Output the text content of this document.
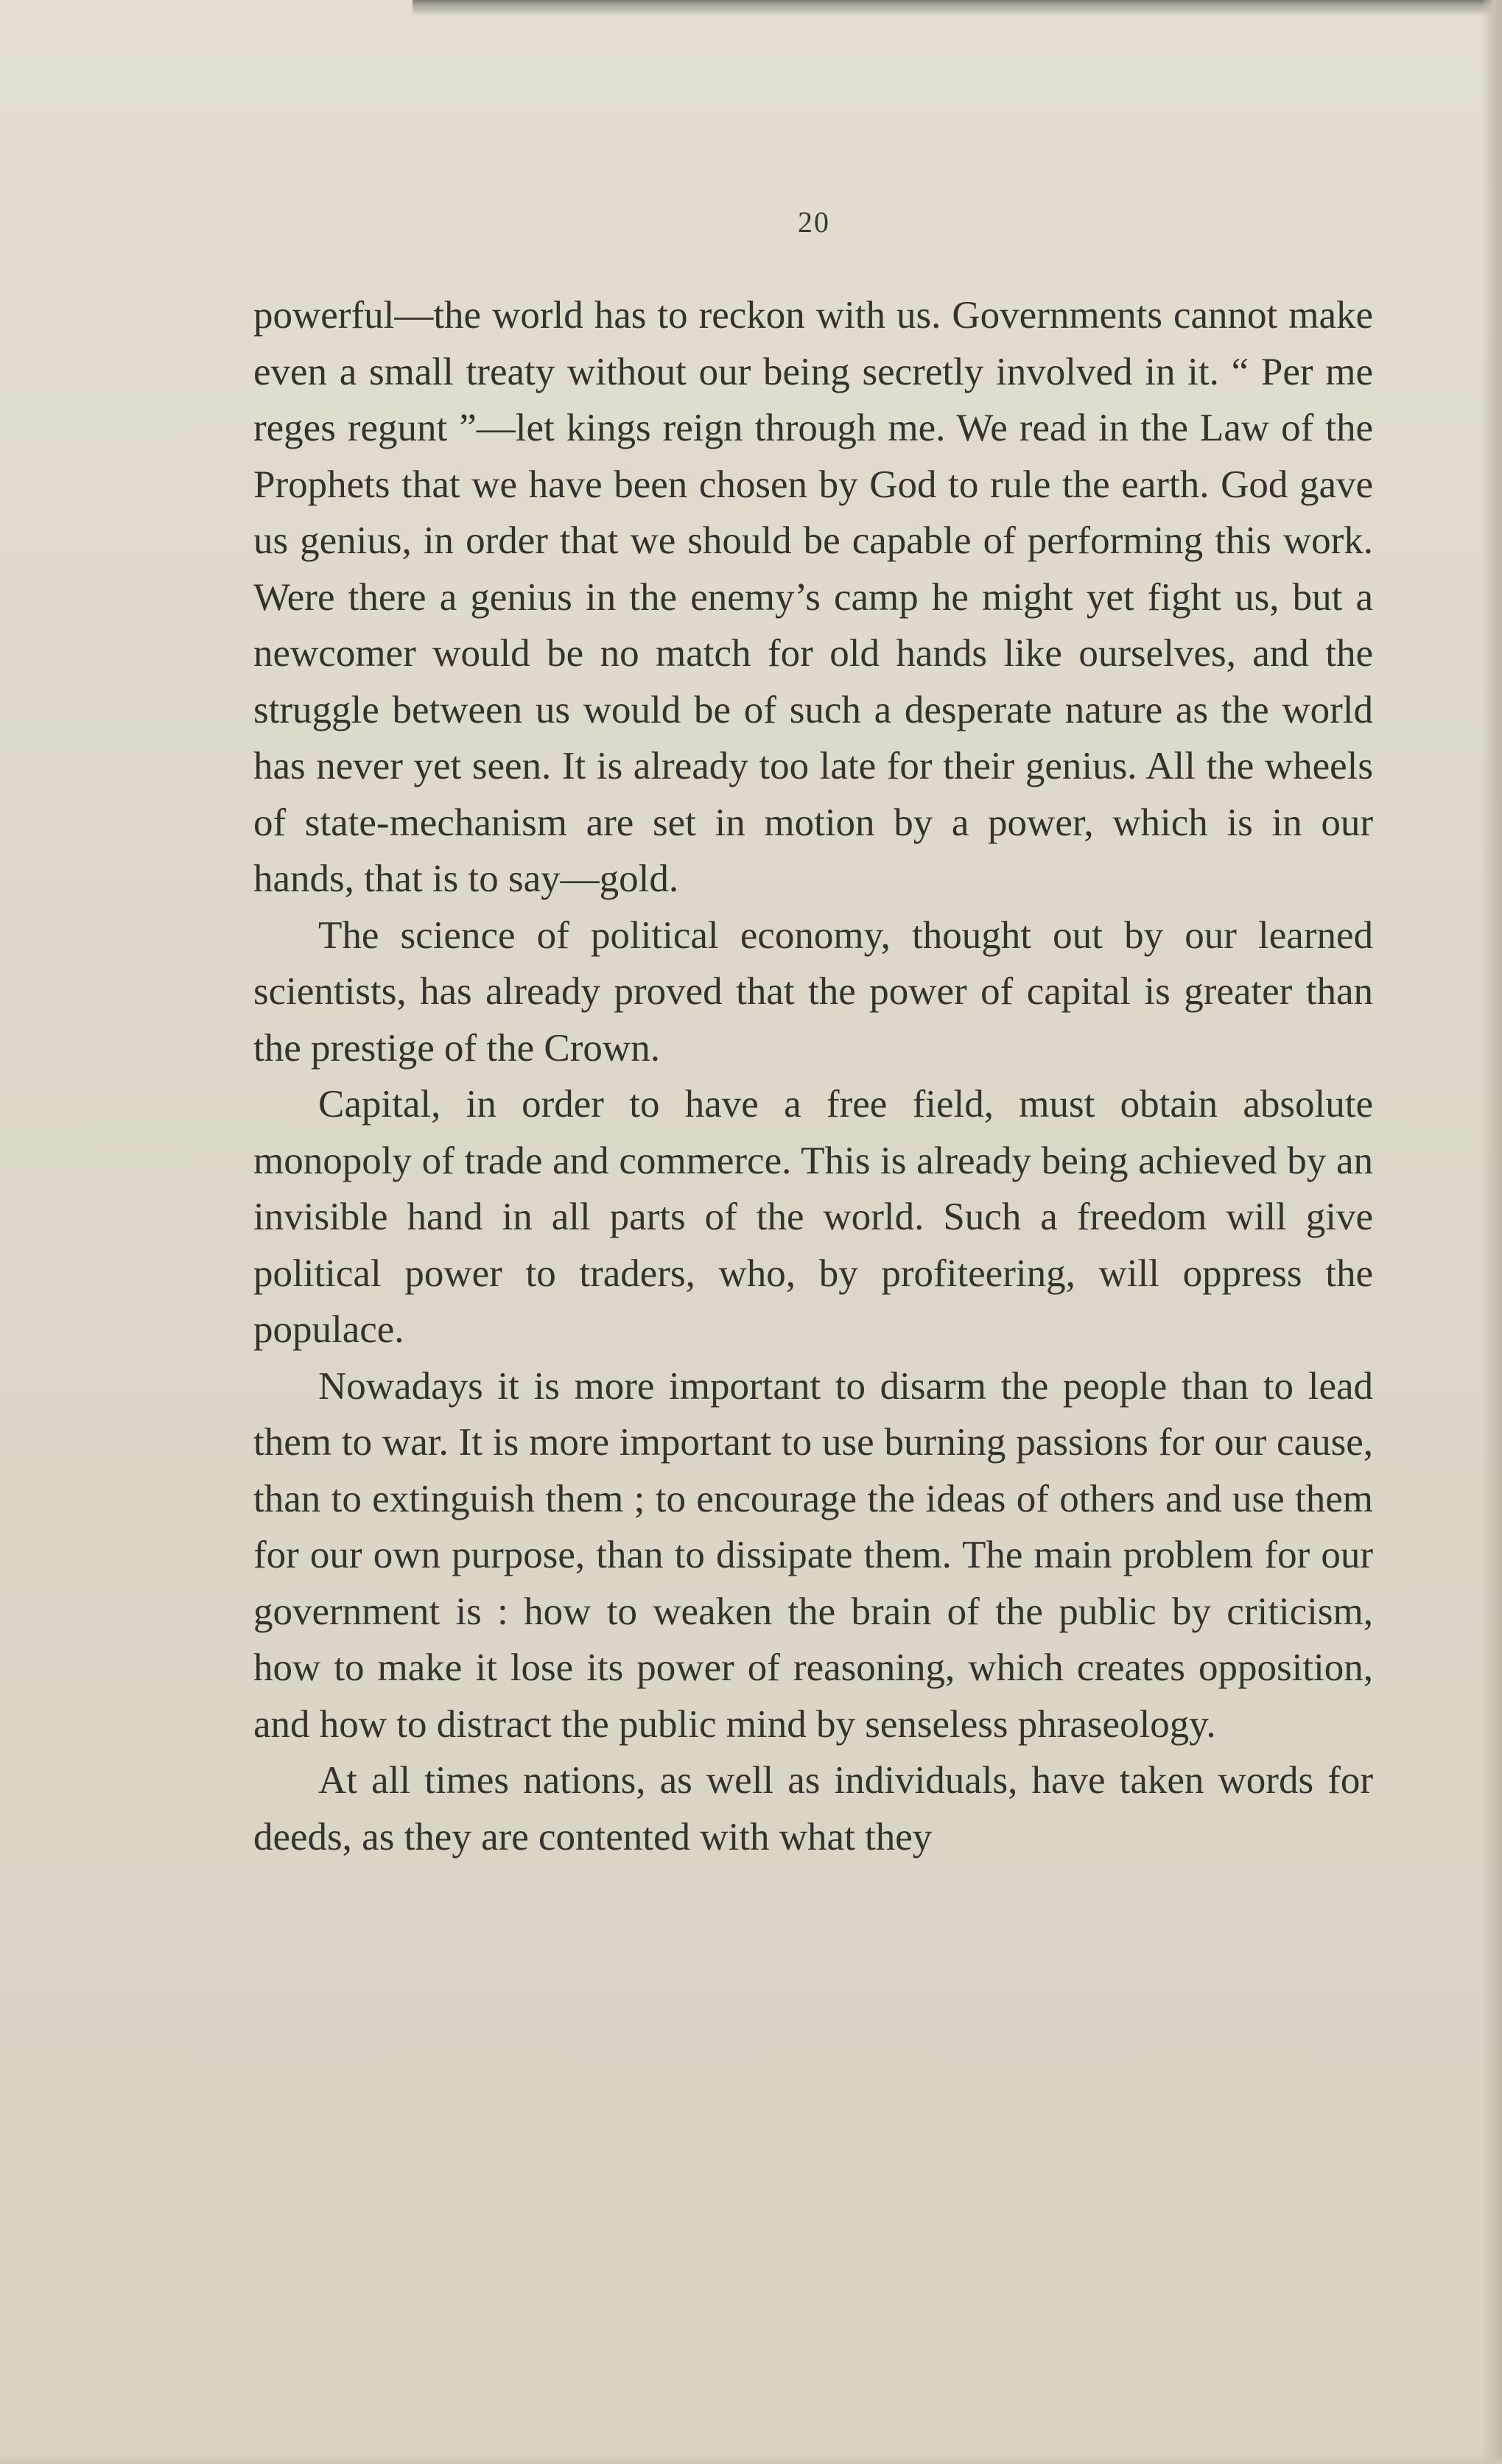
20

powerful—the world has to reckon with us. Governments cannot make even a small treaty without our being secretly involved in it. “ Per me reges regunt ”—let kings reign through me. We read in the Law of the Prophets that we have been chosen by God to rule the earth. God gave us genius, in order that we should be capable of performing this work. Were there a genius in the enemy’s camp he might yet fight us, but a newcomer would be no match for old hands like ourselves, and the struggle between us would be of such a desperate nature as the world has never yet seen. It is already too late for their genius. All the wheels of state-mechanism are set in motion by a power, which is in our hands, that is to say—gold.

The science of political economy, thought out by our learned scientists, has already proved that the power of capital is greater than the prestige of the Crown.

Capital, in order to have a free field, must obtain absolute monopoly of trade and commerce. This is already being achieved by an invisible hand in all parts of the world. Such a freedom will give political power to traders, who, by profiteering, will oppress the populace.

Nowadays it is more important to disarm the people than to lead them to war. It is more important to use burning passions for our cause, than to extinguish them ; to encourage the ideas of others and use them for our own purpose, than to dissipate them. The main problem for our government is : how to weaken the brain of the public by criticism, how to make it lose its power of reasoning, which creates opposition, and how to distract the public mind by senseless phraseology.

At all times nations, as well as individuals, have taken words for deeds, as they are contented with what they
